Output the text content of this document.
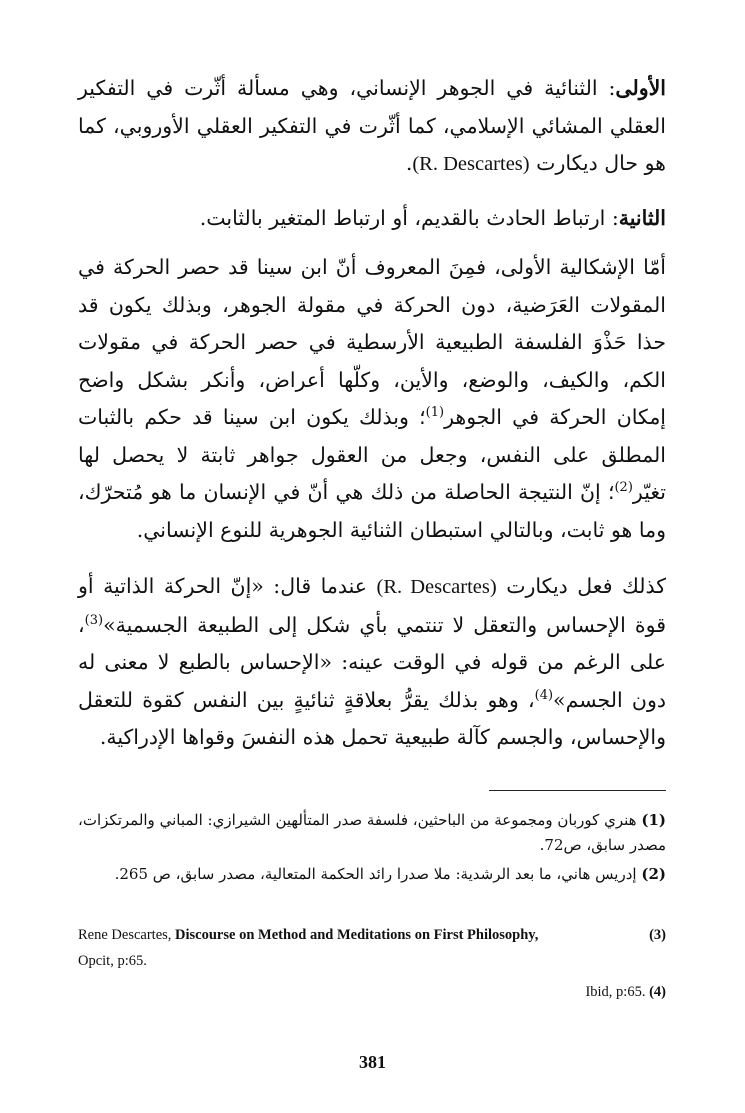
الأولى: الثنائية في الجوهر الإنساني، وهي مسألة أثّرت في التفكير العقلي المشائي الإسلامي، كما أثّرت في التفكير العقلي الأوروبي، كما هو حال ديكارت (R. Descartes).

الثانية: ارتباط الحادث بالقديم، أو ارتباط المتغير بالثابت.

أمّا الإشكالية الأولى، فمِنَ المعروف أنّ ابن سينا قد حصر الحركة في المقولات العَرَضية، دون الحركة في مقولة الجوهر، وبذلك يكون قد حذا حَذْوَ الفلسفة الطبيعية الأرسطية في حصر الحركة في مقولات الكم، والكيف، والوضع، والأين، وكلّها أعراض، وأنكر بشكل واضح إمكان الحركة في الجوهر$^{(1)}$؛ وبذلك يكون ابن سينا قد حكم بالثبات المطلق على النفس، وجعل من العقول جواهر ثابتة لا يحصل لها تغيّر$^{(2)}$؛ إنّ النتيجة الحاصلة من ذلك هي أنّ في الإنسان ما هو مُتحرّك، وما هو ثابت، وبالتالي استبطان الثنائية الجوهرية للنوع الإنساني.

كذلك فعل ديكارت (R. Descartes) عندما قال: «إنّ الحركة الذاتية أو قوة الإحساس والتعقل لا تنتمي بأي شكل إلى الطبيعة الجسمية»$^{(3)}$، على الرغم من قوله في الوقت عينه: «الإحساس بالطبع لا معنى له دون الجسم»$^{(4)}$، وهو بذلك يقرُّ بعلاقةٍ ثنائيةٍ بين النفس كقوة للتعقل والإحساس، والجسم كآلة طبيعية تحمل هذه النفسَ وقواها الإدراكية.

(1) هنري كوربان ومجموعة من الباحثين، فلسفة صدر المتألهين الشيرازي: المباني والمرتكزات، مصدر سابق، ص72.
(2) إدريس هاني، ما بعد الرشدية: ملا صدرا رائد الحكمة المتعالية، مصدر سابق، ص 265.
Rene Descartes, Discourse on Method and Meditations on First Philosophy,
Opcit, p:65.
(3)
Ibid, p:65. (4)
381
